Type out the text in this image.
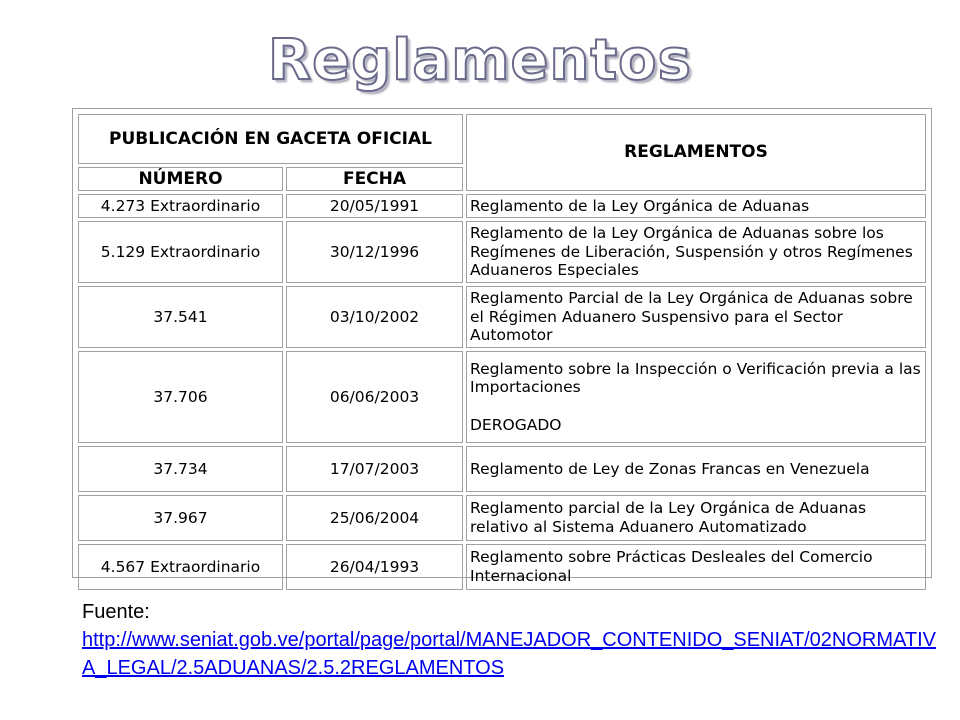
Reglamentos
PUBLICACIÓN EN GACETA OFICIAL		REGLAMENTOS
NÚMERO	FECHA	
4.273 Extraordinario	20/05/1991	Reglamento de la Ley Orgánica de Aduanas
5.129 Extraordinario	30/12/1996	Reglamento de la Ley Orgánica de Aduanas sobre los Regímenes de Liberación, Suspensión y otros Regímenes Aduaneros Especiales
37.541	03/10/2002	Reglamento Parcial de la Ley Orgánica de Aduanas sobre el Régimen Aduanero Suspensivo para el Sector Automotor
37.706	06/06/2003	Reglamento sobre la Inspección o Verificación previa a las Importaciones

DEROGADO
37.734	17/07/2003	Reglamento de Ley de Zonas Francas en Venezuela
37.967	25/06/2004	Reglamento parcial de la Ley Orgánica de Aduanas relativo al Sistema Aduanero Automatizado
4.567 Extraordinario	26/04/1993	Reglamento sobre Prácticas Desleales del Comercio Internacional
Fuente:
http://www.seniat.gob.ve/portal/page/portal/MANEJADOR_CONTENIDO_SENIAT/02NORMATIVA_LEGAL/2.5ADUANAS/2.5.2REGLAMENTOS
